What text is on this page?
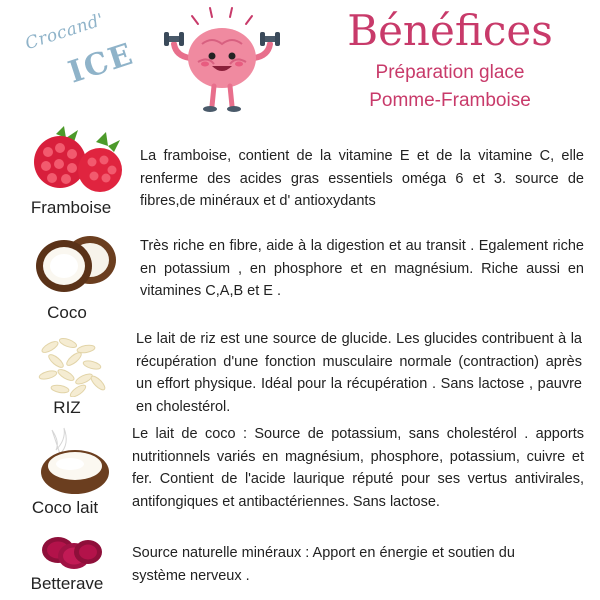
Crocand'
ICE
Bénéfices
Préparation glace
Pomme-Framboise
Framboise
La framboise, contient de la vitamine E et de la vitamine C, elle renferme des acides gras essentiels oméga 6 et 3. source de fibres,de minéraux et d' antioxydants
Coco
Très riche en fibre, aide à la digestion et au transit . Egalement riche en potassium , en phosphore et en magnésium. Riche aussi en vitamines C,A,B et E .
RIZ
Le lait de riz est une source de glucide. Les glucides contribuent à la récupération d'une fonction musculaire normale (contraction) après un effort physique. Idéal pour la récupération . Sans lactose , pauvre en cholestérol.
Coco lait
Le lait de coco : Source de potassium, sans cholestérol . apports nutritionnels variés en magnésium, phosphore, potassium, cuivre et fer. Contient de l'acide laurique réputé pour ses vertus antivirales, antifongiques et antibactériennes. Sans lactose.
Betterave
Source naturelle minéraux : Apport en énergie et soutien du système nerveux .
